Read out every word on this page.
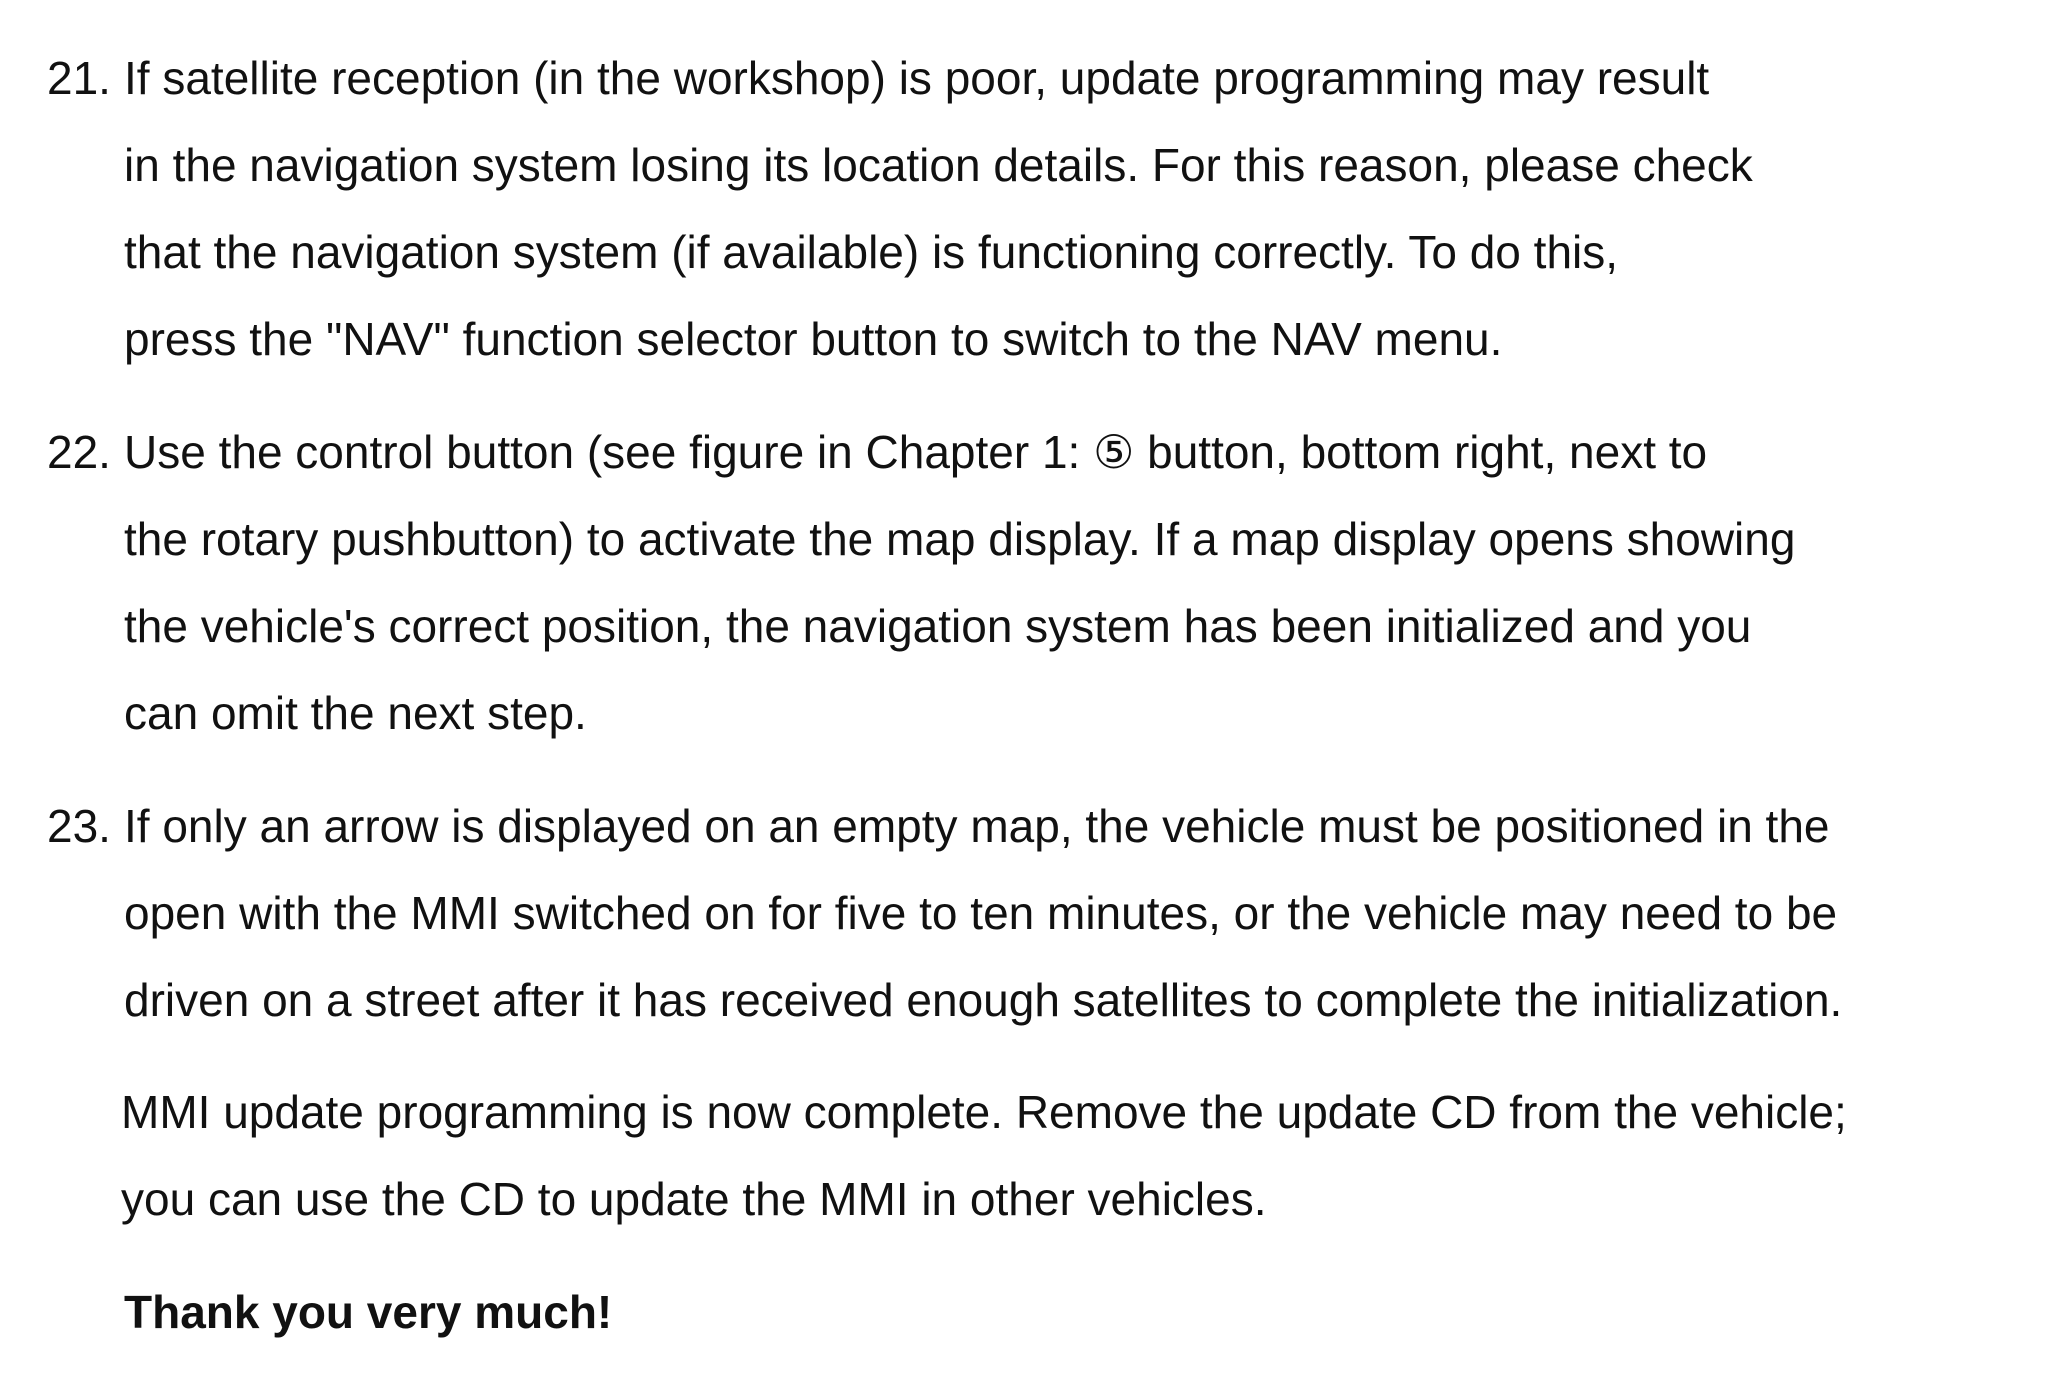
21. If satellite reception (in the workshop) is poor, update programming may result
in the navigation system losing its location details. For this reason, please check
that the navigation system (if available) is functioning correctly. To do this,
press the "NAV" function selector button to switch to the NAV menu.
22. Use the control button (see figure in Chapter 1: ⑤ button, bottom right, next to
the rotary pushbutton) to activate the map display. If a map display opens showing
the vehicle's correct position, the navigation system has been initialized and you
can omit the next step.
23. If only an arrow is displayed on an empty map, the vehicle must be positioned in the
open with the MMI switched on for five to ten minutes, or the vehicle may need to be
driven on a street after it has received enough satellites to complete the initialization.
MMI update programming is now complete. Remove the update CD from the vehicle;
you can use the CD to update the MMI in other vehicles.
Thank you very much!
